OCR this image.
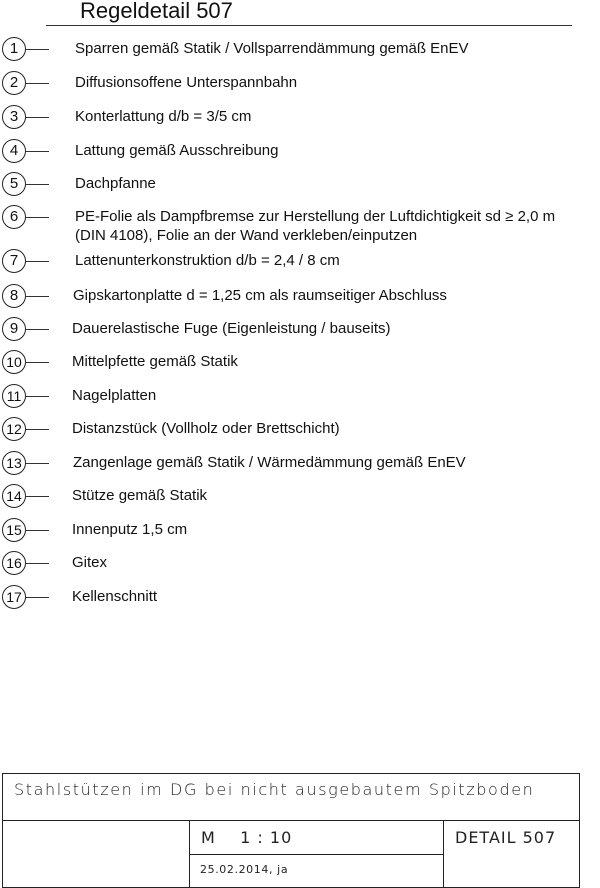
Regeldetail 507
1	Sparren gemäß Statik / Vollsparrendämmung gemäß EnEV
2	Diffusionsoffene Unterspannbahn
3	Konterlattung d/b = 3/5 cm
4	Lattung gemäß Ausschreibung
5	Dachpfanne
6	PE-Folie als Dampfbremse zur Herstellung der Luftdichtigkeit sd ≥ 2,0 m
(DIN 4108), Folie an der Wand verkleben/einputzen
7	Lattenunterkonstruktion d/b = 2,4 / 8 cm
8	Gipskartonplatte d = 1,25 cm als raumseitiger Abschluss
9	Dauerelastische Fuge (Eigenleistung / bauseits)
10	Mittelpfette gemäß Statik
11	Nagelplatten
12	Distanzstück (Vollholz oder Brettschicht)
13	Zangenlage gemäß Statik / Wärmedämmung gemäß EnEV
14	Stütze gemäß Statik
15	Innenputz 1,5 cm
16	Gitex
17	Kellenschnitt
Stahlstützen im DG bei nicht ausgebautem Spitzboden
M    1 : 10	DETAIL 507
25.02.2014, ja
